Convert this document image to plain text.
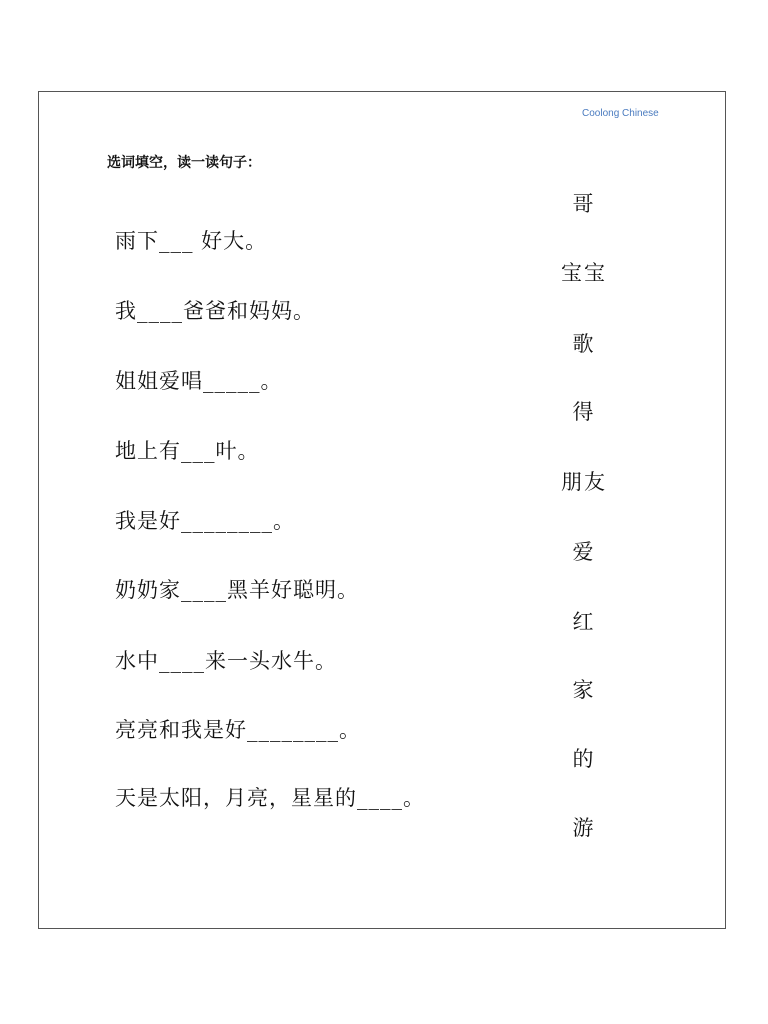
Coolong Chinese
选词填空，读一读句子：
雨下___ 好大。
我____爸爸和妈妈。
姐姐爱唱_____。
地上有___叶。
我是好________。
奶奶家____黑羊好聪明。
水中____来一头水牛。
亮亮和我是好________。
天是太阳，月亮，星星的____。
哥
宝宝
歌
得
朋友
爱
红
家
的
游
